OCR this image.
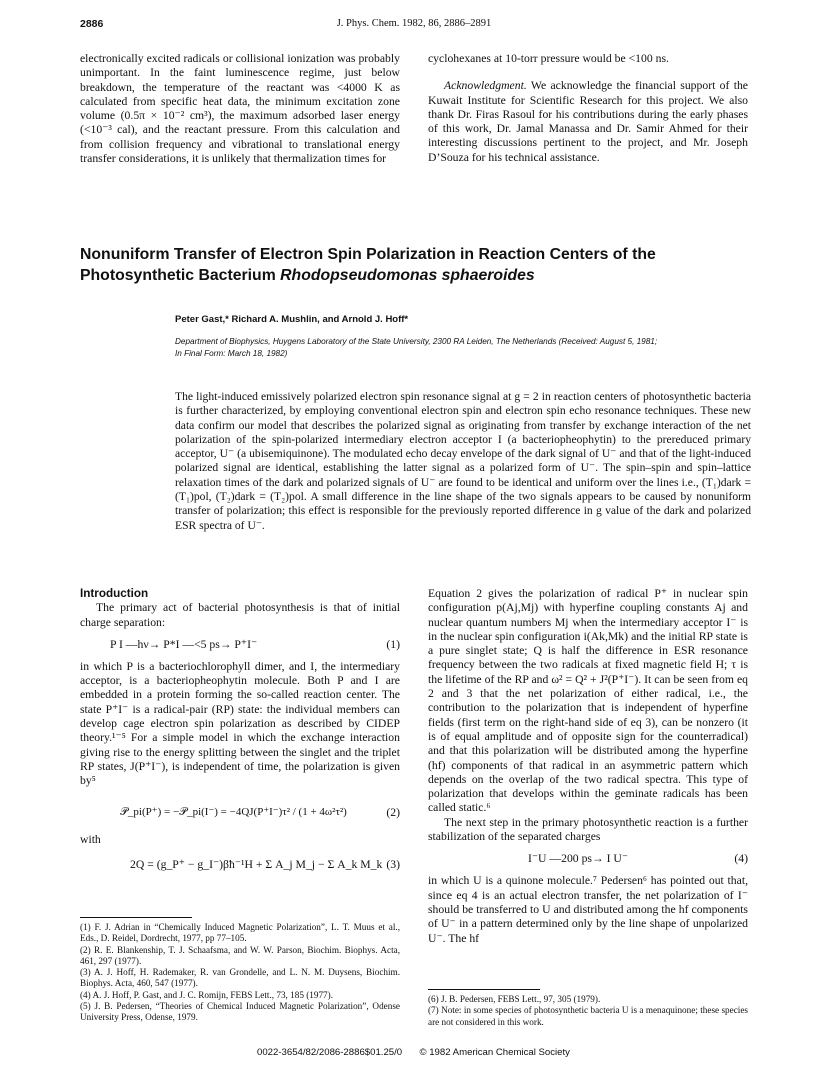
2886	J. Phys. Chem. 1982, 86, 2886–2891

electronically excited radicals or collisional ionization was probably unimportant. In the faint luminescence regime, just below breakdown, the temperature of the reactant was <4000 K as calculated from specific heat data, the minimum excitation zone volume (0.5π × 10⁻² cm³), the maximum adsorbed laser energy (<10⁻³ cal), and the reactant pressure. From this calculation and from collision frequency and vibrational to translational energy transfer considerations, it is unlikely that thermalization times for

cyclohexanes at 10-torr pressure would be <100 ns.

Acknowledgment. We acknowledge the financial support of the Kuwait Institute for Scientific Research for this project. We also thank Dr. Firas Rasoul for his contributions during the early phases of this work, Dr. Jamal Manassa and Dr. Samir Ahmed for their interesting discussions pertinent to the project, and Mr. Joseph D’Souza for his technical assistance.

Nonuniform Transfer of Electron Spin Polarization in Reaction Centers of the Photosynthetic Bacterium Rhodopseudomonas sphaeroides
Peter Gast,* Richard A. Mushlin, and Arnold J. Hoff*
Department of Biophysics, Huygens Laboratory of the State University, 2300 RA Leiden, The Netherlands (Received: August 5, 1981;
In Final Form: March 18, 1982)
The light-induced emissively polarized electron spin resonance signal at g = 2 in reaction centers of photosynthetic bacteria is further characterized, by employing conventional electron spin and electron spin echo resonance techniques. These new data confirm our model that describes the polarized signal as originating from transfer by exchange interaction of the net polarization of the spin-polarized intermediary electron acceptor I (a bacteriopheophytin) to the prereduced primary acceptor, U⁻ (a ubisemiquinone). The modulated echo decay envelope of the dark signal of U⁻ and that of the light-induced polarized signal are identical, establishing the latter signal as a polarized form of U⁻. The spin–spin and spin–lattice relaxation times of the dark and polarized signals of U⁻ are found to be identical and uniform over the lines i.e., (T₁)dark = (T₁)pol, (T₂)dark = (T₂)pol. A small difference in the line shape of the two signals appears to be caused by nonuniform transfer of polarization; this effect is responsible for the previously reported difference in g value of the dark and polarized ESR spectra of U⁻.

Introduction

The primary act of bacterial photosynthesis is that of initial charge separation:

P I —hν→ P*I —<5 ps→ P⁺I⁻	(1)

in which P is a bacteriochlorophyll dimer, and I, the intermediary acceptor, is a bacteriopheophytin molecule. Both P and I are embedded in a protein forming the so-called reaction center. The state P⁺I⁻ is a radical-pair (RP) state: the individual members can develop cage electron spin polarization as described by CIDEP theory.¹⁻⁵ For a simple model in which the exchange interaction giving rise to the energy splitting between the singlet and the triplet RP states, J(P⁺I⁻), is independent of time, the polarization is given by⁵

𝒫_pi(P⁺) = −𝒫_pi(I⁻) = −4QJ(P⁺I⁻)τ² / (1 + 4ω²τ²)	(2)

with

2Q = (g_P⁺ − g_I⁻)βħ⁻¹H + Σ A_j M_j − Σ A_k M_k (3)

(1) F. J. Adrian in “Chemically Induced Magnetic Polarization”, L. T. Muus et al., Eds., D. Reidel, Dordrecht, 1977, pp 77–105.

(2) R. E. Blankenship, T. J. Schaafsma, and W. W. Parson, Biochim. Biophys. Acta, 461, 297 (1977).

(3) A. J. Hoff, H. Rademaker, R. van Grondelle, and L. N. M. Duysens, Biochim. Biophys. Acta, 460, 547 (1977).

(4) A. J. Hoff, P. Gast, and J. C. Romijn, FEBS Lett., 73, 185 (1977).

(5) J. B. Pedersen, “Theories of Chemical Induced Magnetic Polarization”, Odense University Press, Odense, 1979.

Equation 2 gives the polarization of radical P⁺ in nuclear spin configuration p(Aj,Mj) with hyperfine coupling constants Aj and nuclear quantum numbers Mj when the intermediary acceptor I⁻ is in the nuclear spin configuration i(Ak,Mk) and the initial RP state is a pure singlet state; Q is half the difference in ESR resonance frequency between the two radicals at fixed magnetic field H; τ is the lifetime of the RP and ω² = Q² + J²(P⁺I⁻). It can be seen from eq 2 and 3 that the net polarization of either radical, i.e., the contribution to the polarization that is independent of hyperfine fields (first term on the right-hand side of eq 3), can be nonzero (it is of equal amplitude and of opposite sign for the counterradical) and that this polarization will be distributed among the hyperfine (hf) components of that radical in an asymmetric pattern which depends on the overlap of the two radical spectra. This type of polarization that develops within the geminate radicals has been called static.⁶

The next step in the primary photosynthetic reaction is a further stabilization of the separated charges

I⁻U —200 ps→ I U⁻	(4)

in which U is a quinone molecule.⁷ Pedersen⁶ has pointed out that, since eq 4 is an actual electron transfer, the net polarization of I⁻ should be transferred to U and distributed among the hf components of U⁻ in a pattern determined only by the line shape of unpolarized U⁻. The hf

(6) J. B. Pedersen, FEBS Lett., 97, 305 (1979).

(7) Note: in some species of photosynthetic bacteria U is a menaquinone; these species are not considered in this work.

0022-3654/82/2086-2886$01.25/0 © 1982 American Chemical Society
